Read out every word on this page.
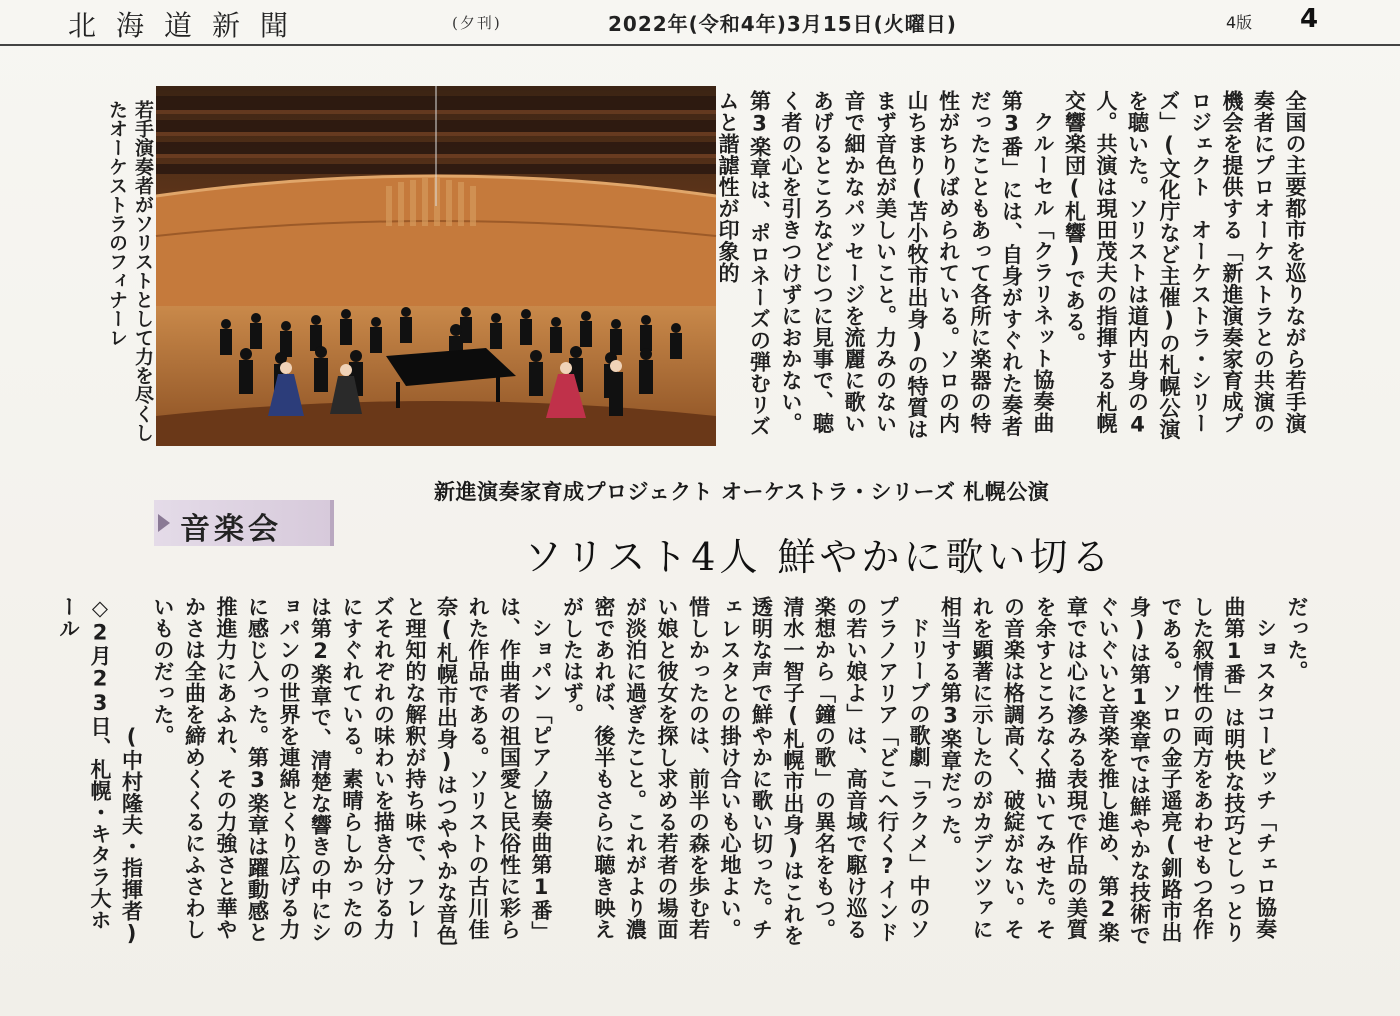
北海道新聞	(夕刊)	2022年(令和4年)3月15日(火曜日)	4版 4

全国の主要都市を巡りながら若手演奏者にプロオーケストラとの共演の機会を提供する「新進演奏家育成プロジェクト　オーケストラ・シリーズ」(文化庁など主催)の札幌公演を聴いた。ソリストは道内出身の4人。共演は現田茂夫の指揮する札幌交響楽団(札響)である。

クルーセル「クラリネット協奏曲第3番」には、自身がすぐれた奏者だったこともあって各所に楽器の特性がちりばめられている。ソロの内山ちまり(苫小牧市出身)の特質はまず音色が美しいこと。力みのない音で細かなパッセージを流麗に歌いあげるところなどじつに見事で、聴く者の心を引きつけずにおかない。第3楽章は、ポロネーズの弾むリズムと諧謔性が印象的

若手演奏者がソリストとして力を尽くしたオーケストラのフィナーレ
新進演奏家育成プロジェクト オーケストラ・シリーズ 札幌公演
音楽会
ソリスト4人 鮮やかに歌い切る

だった。

ショスタコービッチ「チェロ協奏曲第1番」は明快な技巧としっとりした叙情性の両方をあわせもつ名作である。ソロの金子遥亮(釧路市出身)は第1楽章では鮮やかな技術でぐいぐいと音楽を推し進め、第2楽章では心に滲みる表現で作品の美質を余すところなく描いてみせた。その音楽は格調高く、破綻がない。それを顕著に示したのがカデンツァに相当する第3楽章だった。

ドリーブの歌劇「ラクメ」中のソプラノアリア「どこへ行く?インドの若い娘よ」は、高音域で駆け巡る楽想から「鐘の歌」の異名をもつ。清水一智子(札幌市出身)はこれを透明な声で鮮やかに歌い切った。チェレスタとの掛け合いも心地よい。惜しかったのは、前半の森を歩む若い娘と彼女を探し求める若者の場面が淡泊に過ぎたこと。これがより濃密であれば、後半もさらに聴き映えがしたはず。

ショパン「ピアノ協奏曲第1番」は、作曲者の祖国愛と民俗性に彩られた作品である。ソリストの古川佳奈(札幌市出身)はつややかな音色と理知的な解釈が持ち味で、フレーズそれぞれの味わいを描き分ける力にすぐれている。素晴らしかったのは第2楽章で、清楚な響きの中にショパンの世界を連綿とくり広げる力に感じ入った。第3楽章は躍動感と推進力にあふれ、その力強さと華やかさは全曲を締めくくるにふさわしいものだった。

(中村隆夫・指揮者)

◇2月23日、札幌・キタラ大ホール
